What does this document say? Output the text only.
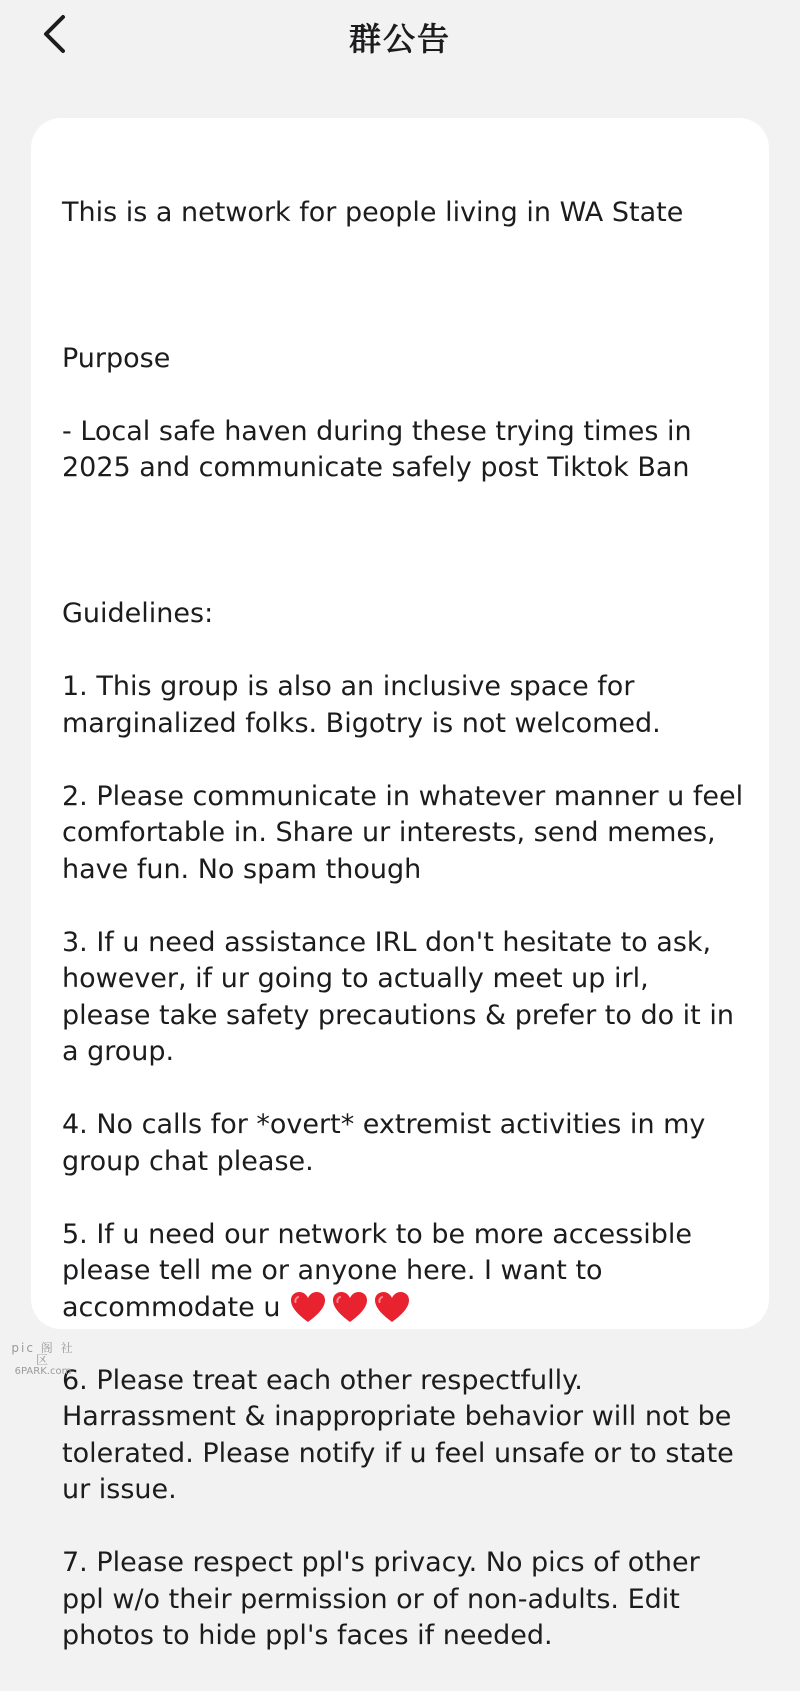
群公告

This is a network for people living in WA State

Purpose

- Local safe haven during these trying times in 2025 and communicate safely post Tiktok Ban

Guidelines:

1. This group is also an inclusive space for marginalized folks. Bigotry is not welcomed.

2. Please communicate in whatever manner u feel comfortable in. Share ur interests, send memes, have fun. No spam though

3. If u need assistance IRL don't hesitate to ask, however, if ur going to actually meet up irl, please take safety precautions & prefer to do it in a group.

4. No calls for *overt* extremist activities in my group chat please.

5. If u need our network to be more accessible please tell me or anyone here. I want to accommodate u

6. Please treat each other respectfully. Harrassment & inappropriate behavior will not be tolerated. Please notify if u feel unsafe or to state ur issue.

7. Please respect ppl's privacy. No pics of other ppl w/o their permission or of non-adults. Edit photos to hide ppl's faces if needed.

pic 阁 社 区
6PARK.com
